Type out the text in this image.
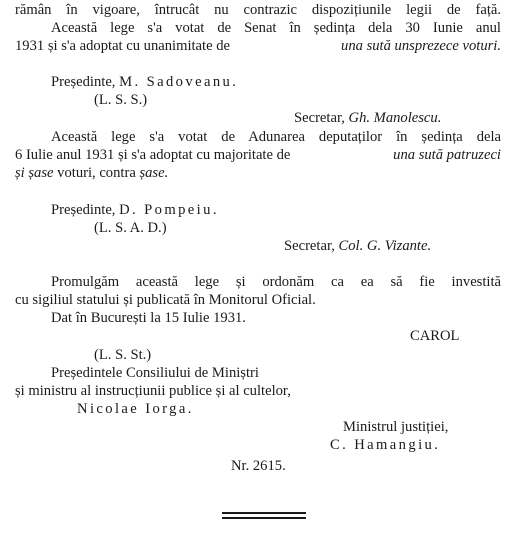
rămân în vigoare, întrucât nu contrazic dispozițiunile legii de față.
Această lege s'a votat de Senat în ședința dela 30 Iunie anul
1931 și s'a adoptat cu unanimitate de	una sută unsprezece voturi.
Președinte, M. Sadoveanu.
(L. S. S.)
Secretar, Gh. Manolescu.
Această lege s'a votat de Adunarea deputaților în ședința dela
6 Iulie anul 1931 și s'a adoptat cu majoritate de	una sută patruzeci
și șase voturi, contra șase.
Președinte, D. Pompeiu.
(L. S. A. D.)
Secretar, Col. G. Vizante.
Promulgăm această lege și ordonăm ca ea să fie investită
cu sigiliul statului și publicată în Monitorul Oficial.
Dat în București la 15 Iulie 1931.
CAROL
(L. S. St.)
Președintele Consiliului de Miniștri
și ministru al instrucțiunii publice și al cultelor,
Nicolae Iorga.
Ministrul justiției,
C. Hamangiu.
Nr. 2615.
